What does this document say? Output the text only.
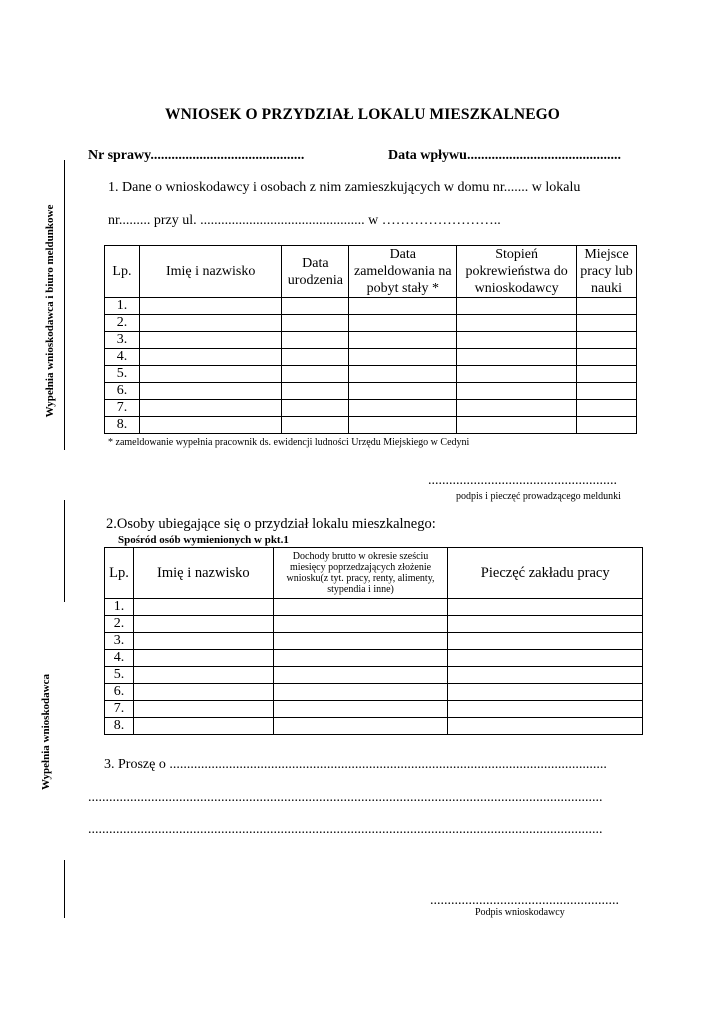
Wypełnia wnioskodawca i biuro meldunkowe
Wypełnia wnioskodawca
WNIOSEK O PRZYDZIAŁ LOKALU MIESZKALNEGO
Nr sprawy............................................	Data wpływu............................................
1. Dane o wnioskodawcy i osobach z nim zamieszkujących w domu nr....... w lokalu
nr......... przy ul. ............................................... w ……………………..
Lp.	Imię i nazwisko	Data urodzenia	Data zameldowania na pobyt stały *	Stopień pokrewieństwa do wnioskodawcy	Miejsce pracy lub nauki
1.					
2.					
3.					
4.					
5.					
6.					
7.					
8.					
* zameldowanie wypełnia pracownik ds. ewidencji ludności Urzędu Miejskiego w Cedyni
......................................................
podpis i pieczęć prowadzącego meldunki
2.Osoby ubiegające się o przydział lokalu mieszkalnego:
Spośród osób wymienionych w pkt.1
Lp.	Imię i nazwisko	Dochody brutto w okresie sześciu miesięcy poprzedzających złożenie wniosku(z tyt. pracy, renty, alimenty, stypendia i inne)	Pieczęć zakładu pracy
1.			
2.			
3.			
4.			
5.			
6.			
7.			
8.			
3. Proszę o .............................................................................................................................
...................................................................................................................................................
...................................................................................................................................................
......................................................
Podpis wnioskodawcy
